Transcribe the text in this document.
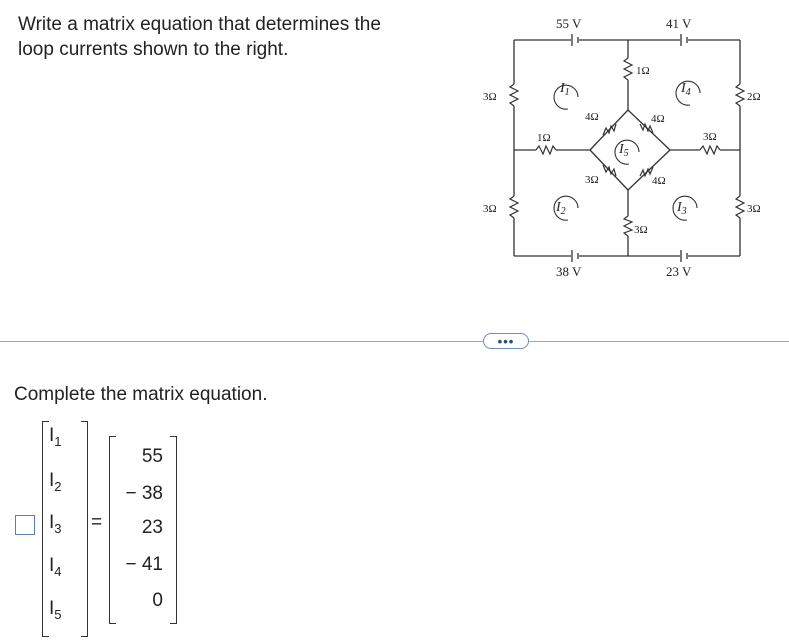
Write a matrix equation that determines the loop currents shown to the right.
55 V	41 V
38 V	23 V
3Ω
3Ω
1Ω
4Ω
1Ω
4Ω
3Ω
4Ω
3Ω
3Ω
2Ω
3Ω
$I_1$
$I_2$	$I_3$
$I_4$
$I_5$
•••
Complete the matrix equation.
$I_1$
$I_2$
$I_3$
$I_4$
$I_5$
=
55
− 38
23
− 41
0
